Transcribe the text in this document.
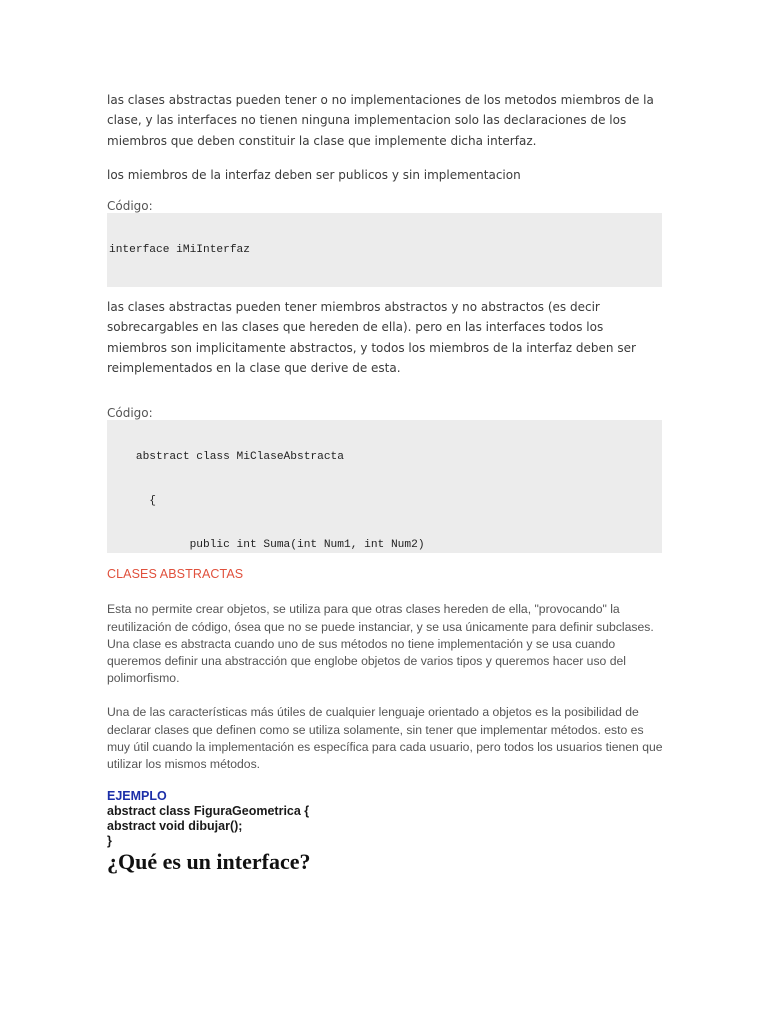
las clases abstractas pueden tener o no implementaciones de los metodos miembros de la clase, y las interfaces no tienen ninguna implementacion solo las declaraciones de los miembros que deben constituir la clase que implemente dicha interfaz.

los miembros de la interfaz deben ser publicos y sin implementacion

Código:

interface iMiInterfaz

las clases abstractas pueden tener miembros abstractos y no abstractos (es decir sobrecargables en las clases que hereden de ella). pero en las interfaces todos los miembros son implicitamente abstractos, y todos los miembros de la interfaz deben ser reimplementados en la clase que derive de esta.

Código:

abstract class MiClaseAbstracta

{

public int Suma(int Num1, int Num2)

CLASES ABSTRACTAS

Esta no permite crear objetos, se utiliza para que otras clases hereden de ella, "provocando" la reutilización de código, ósea que no se puede instanciar, y se usa únicamente para definir subclases.

Una clase es abstracta cuando uno de sus métodos no tiene implementación y se usa cuando queremos definir una abstracción que englobe objetos de varios tipos y queremos hacer uso del polimorfismo.

Una de las características más útiles de cualquier lenguaje orientado a objetos es la posibilidad de declarar clases que definen como se utiliza solamente, sin tener que implementar métodos. esto es muy útil cuando la implementación es específica para cada usuario, pero todos los usuarios tienen que utilizar los mismos métodos.

EJEMPLO

abstract class FiguraGeometrica {

abstract void dibujar();

}

¿Qué es un interface?
